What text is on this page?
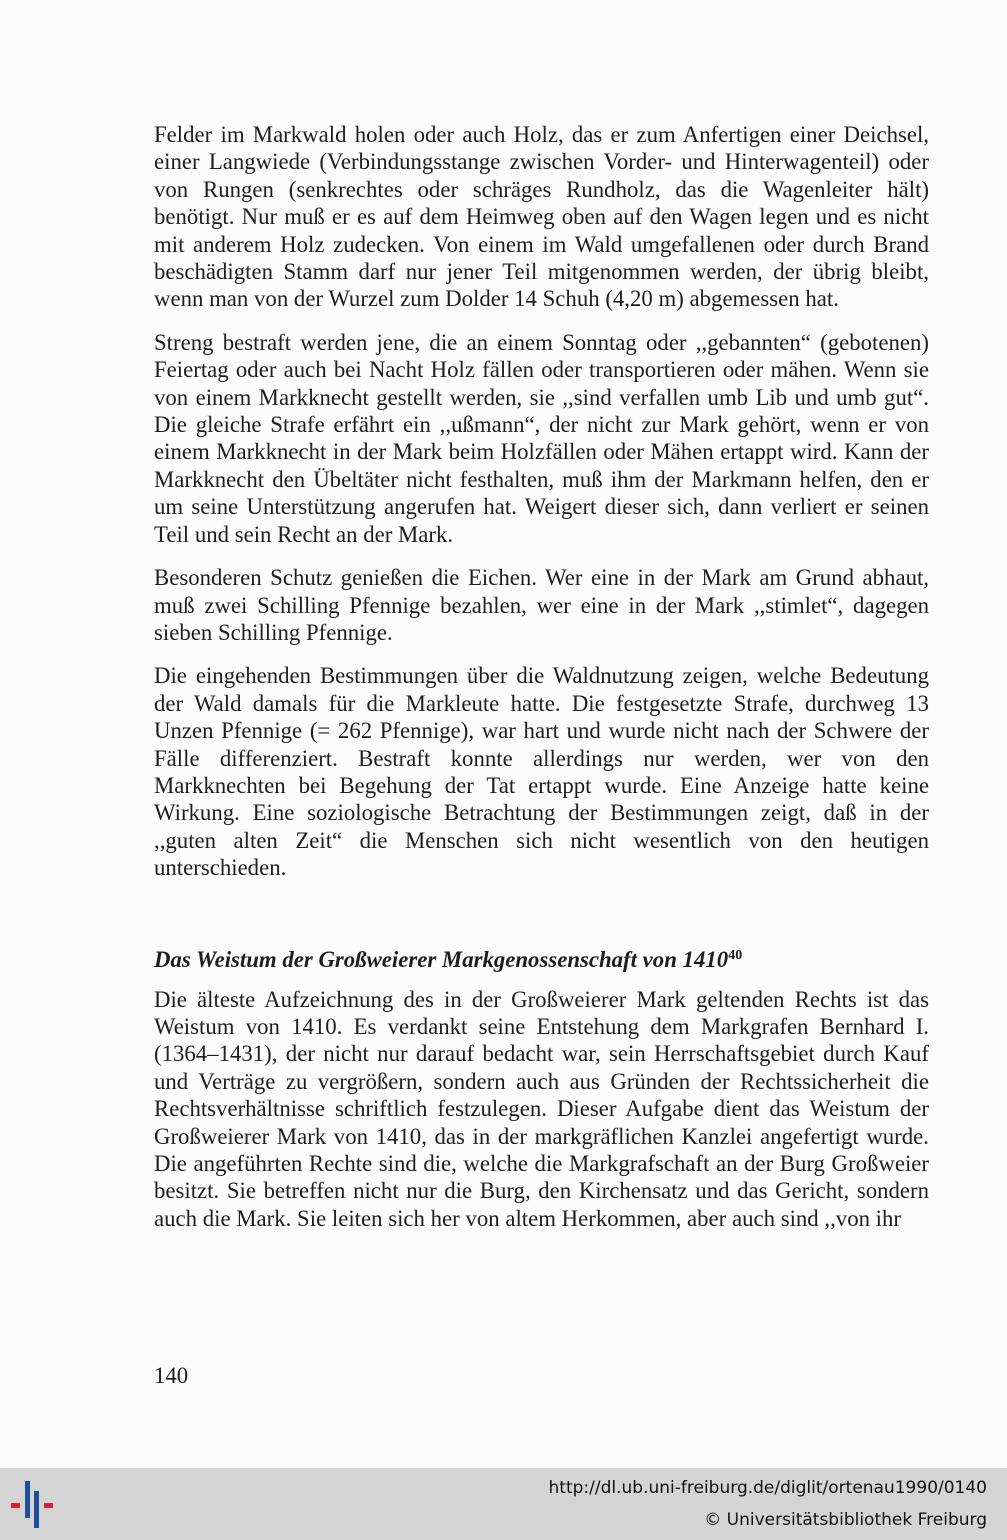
Felder im Markwald holen oder auch Holz, das er zum Anfertigen einer Deichsel, einer Langwiede (Verbindungsstange zwischen Vorder- und Hinterwagenteil) oder von Rungen (senkrechtes oder schräges Rundholz, das die Wagenleiter hält) benötigt. Nur muß er es auf dem Heimweg oben auf den Wagen legen und es nicht mit anderem Holz zudecken. Von einem im Wald umgefallenen oder durch Brand beschädigten Stamm darf nur jener Teil mitgenommen werden, der übrig bleibt, wenn man von der Wurzel zum Dolder 14 Schuh (4,20 m) abgemessen hat.

Streng bestraft werden jene, die an einem Sonntag oder ,,gebannten“ (gebotenen) Feiertag oder auch bei Nacht Holz fällen oder transportieren oder mähen. Wenn sie von einem Markknecht gestellt werden, sie ,,sind verfallen umb Lib und umb gut“. Die gleiche Strafe erfährt ein ,,ußmann“, der nicht zur Mark gehört, wenn er von einem Markknecht in der Mark beim Holzfällen oder Mähen ertappt wird. Kann der Markknecht den Übeltäter nicht festhalten, muß ihm der Markmann helfen, den er um seine Unterstützung angerufen hat. Weigert dieser sich, dann verliert er seinen Teil und sein Recht an der Mark.

Besonderen Schutz genießen die Eichen. Wer eine in der Mark am Grund abhaut, muß zwei Schilling Pfennige bezahlen, wer eine in der Mark ,,stimlet“, dagegen sieben Schilling Pfennige.

Die eingehenden Bestimmungen über die Waldnutzung zeigen, welche Bedeutung der Wald damals für die Markleute hatte. Die festgesetzte Strafe, durchweg 13 Unzen Pfennige (= 262 Pfennige), war hart und wurde nicht nach der Schwere der Fälle differenziert. Bestraft konnte allerdings nur werden, wer von den Markknechten bei Begehung der Tat ertappt wurde. Eine Anzeige hatte keine Wirkung. Eine soziologische Betrachtung der Bestimmungen zeigt, daß in der ,,guten alten Zeit“ die Menschen sich nicht wesentlich von den heutigen unterschieden.

Das Weistum der Großweierer Markgenossenschaft von 1410$^{40}$

Die älteste Aufzeichnung des in der Großweierer Mark geltenden Rechts ist das Weistum von 1410. Es verdankt seine Entstehung dem Markgrafen Bernhard I. (1364–1431), der nicht nur darauf bedacht war, sein Herrschaftsgebiet durch Kauf und Verträge zu vergrößern, sondern auch aus Gründen der Rechtssicherheit die Rechtsverhältnisse schriftlich festzulegen. Dieser Aufgabe dient das Weistum der Großweierer Mark von 1410, das in der markgräflichen Kanzlei angefertigt wurde. Die angeführten Rechte sind die, welche die Markgrafschaft an der Burg Großweier besitzt. Sie betreffen nicht nur die Burg, den Kirchensatz und das Gericht, sondern auch die Mark. Sie leiten sich her von altem Herkommen, aber auch sind ,,von ihr

140
http://dl.ub.uni-freiburg.de/diglit/ortenau1990/0140
© Universitätsbibliothek Freiburg
